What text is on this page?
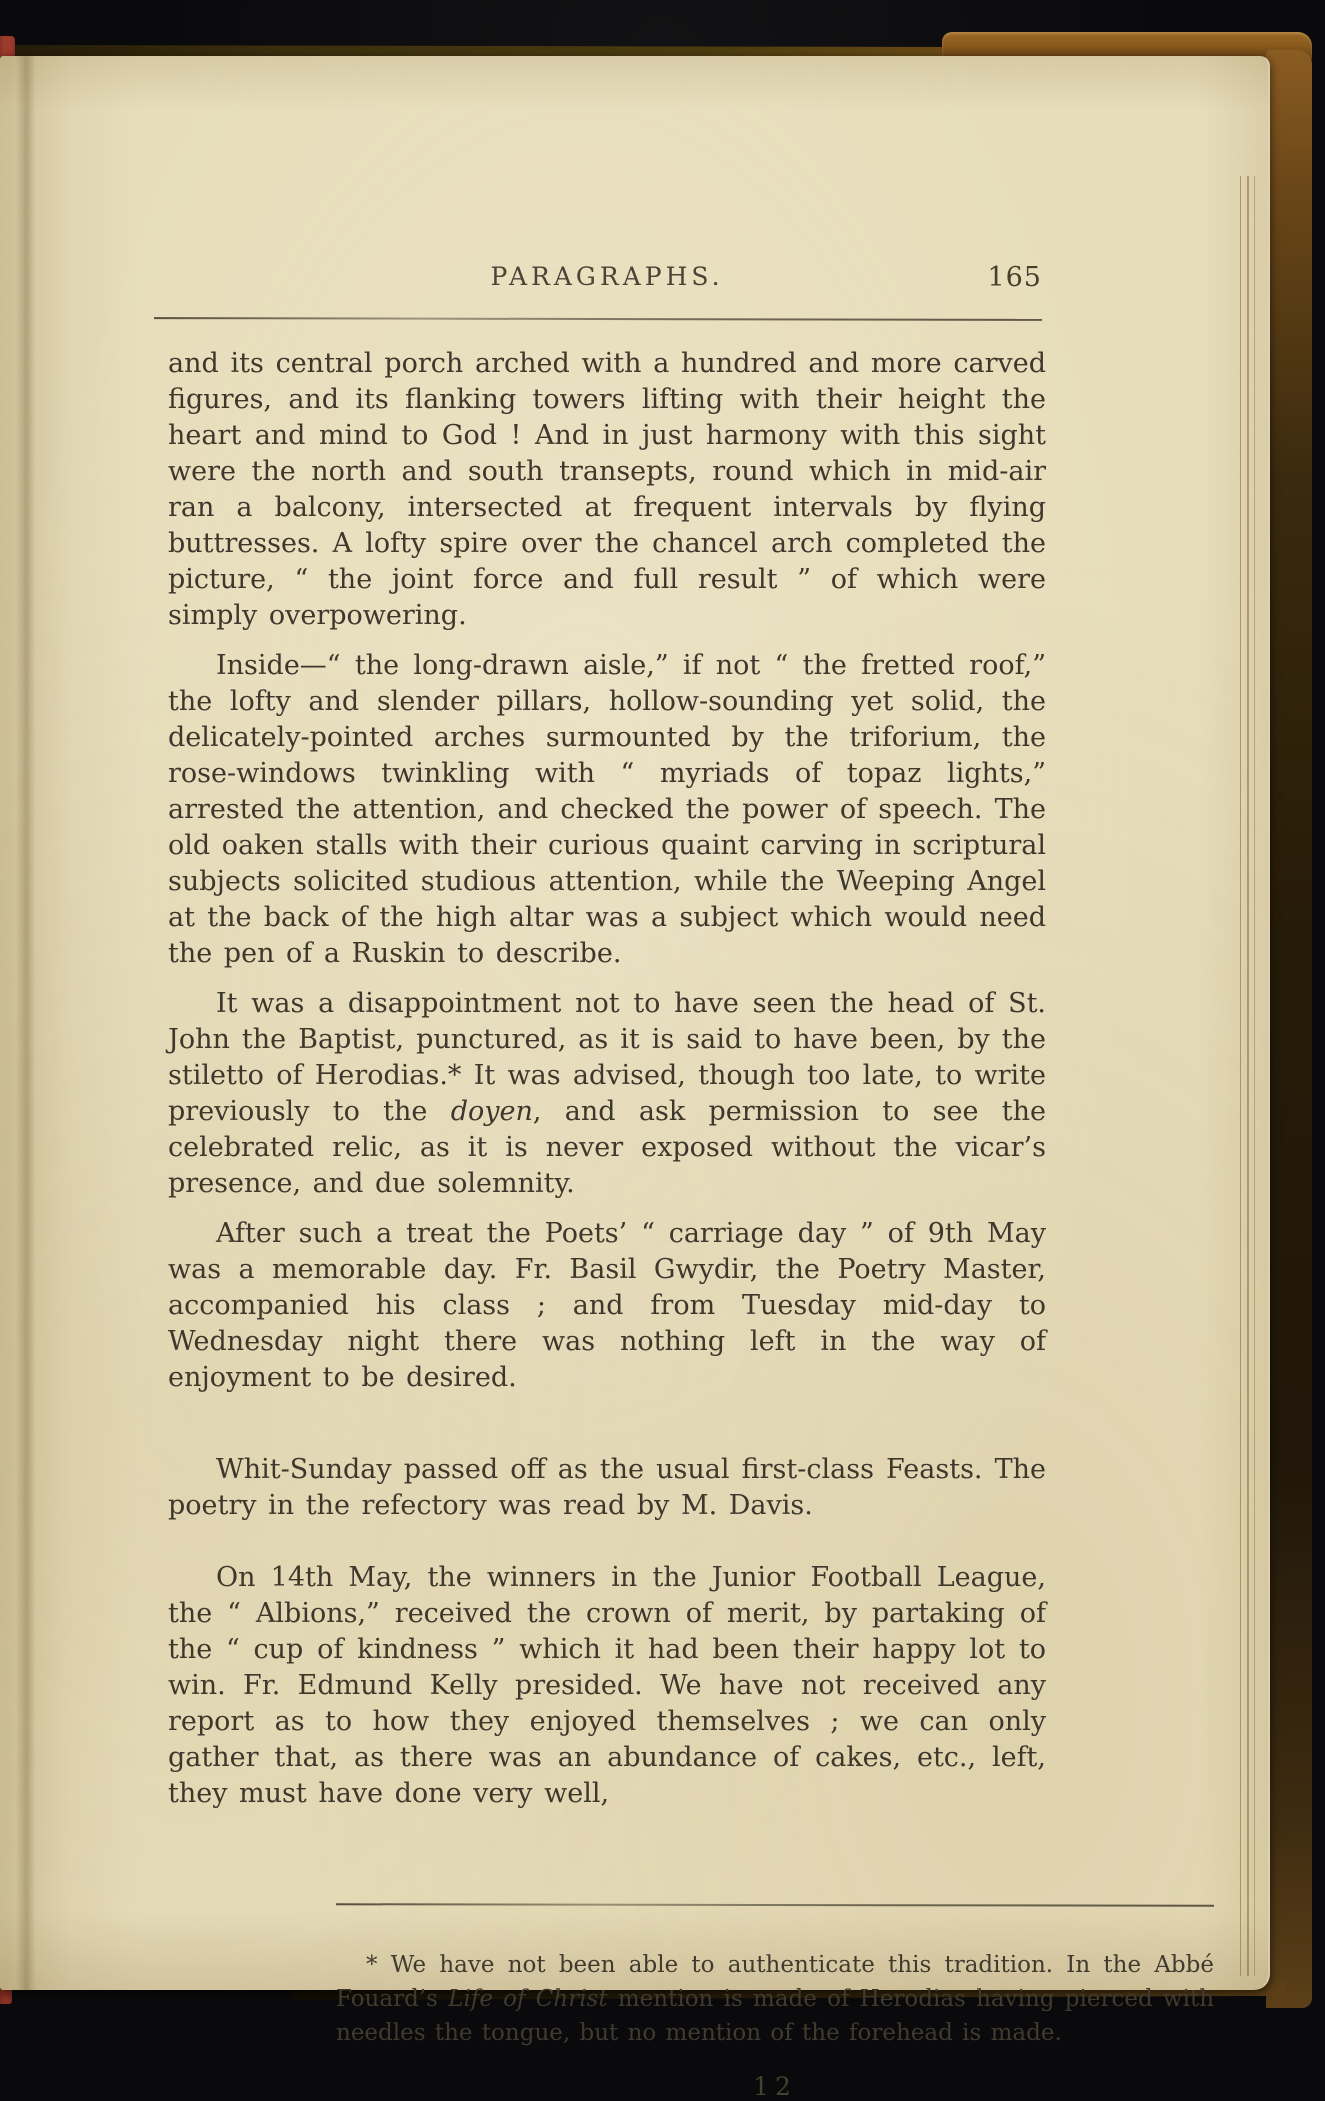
PARAGRAPHS.	165

and its central porch arched with a hundred and more carved figures, and its flanking towers lifting with their height the heart and mind to God ! And in just harmony with this sight were the north and south transepts, round which in mid-air ran a balcony, intersected at frequent intervals by flying buttresses. A lofty spire over the chancel arch completed the picture, “ the joint force and full result ” of which were simply overpowering.

Inside—“ the long-drawn aisle,” if not “ the fretted roof,” the lofty and slender pillars, hollow-sounding yet solid, the delicately-pointed arches surmounted by the triforium, the rose-windows twinkling with “ myriads of topaz lights,” arrested the attention, and checked the power of speech. The old oaken stalls with their curious quaint carving in scriptural subjects solicited studious attention, while the Weeping Angel at the back of the high altar was a subject which would need the pen of a Ruskin to describe.

It was a disappointment not to have seen the head of St. John the Baptist, punctured, as it is said to have been, by the stiletto of Herodias.* It was advised, though too late, to write previously to the doyen, and ask permission to see the celebrated relic, as it is never exposed without the vicar’s presence, and due solemnity.

After such a treat the Poets’ “ carriage day ” of 9th May was a memorable day. Fr. Basil Gwydir, the Poetry Master, accompanied his class ; and from Tuesday mid-day to Wednesday night there was nothing left in the way of enjoyment to be desired.

Whit-Sunday passed off as the usual first-class Feasts. The poetry in the refectory was read by M. Davis.

On 14th May, the winners in the Junior Football League, the “ Albions,” received the crown of merit, by partaking of the “ cup of kindness ” which it had been their happy lot to win. Fr. Edmund Kelly presided. We have not received any report as to how they enjoyed themselves ; we can only gather that, as there was an abundance of cakes, etc., left, they must have done very well,

* We have not been able to authenticate this tradition. In the Abbé Fouard’s Life of Christ mention is made of Herodias having pierced with needles the tongue, but no mention of the forehead is made.

12
